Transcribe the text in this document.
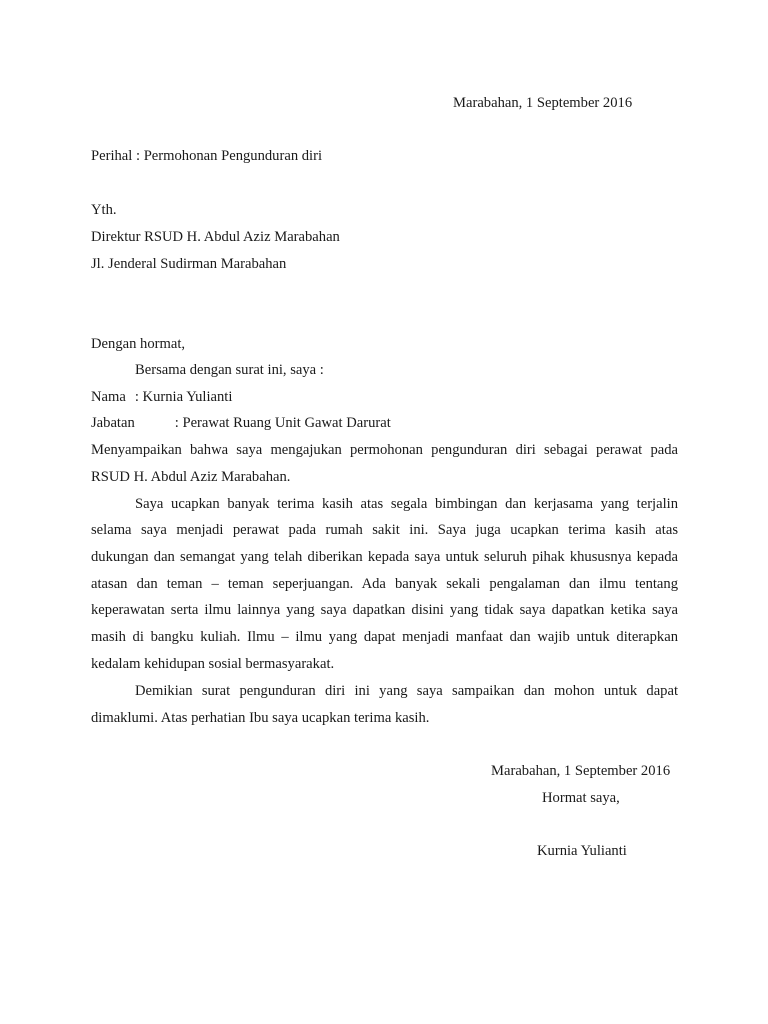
Marabahan, 1 September 2016
Perihal : Permohonan Pengunduran diri
Yth.
Direktur RSUD H. Abdul Aziz Marabahan
Jl. Jenderal Sudirman Marabahan
Dengan hormat,
Bersama dengan surat ini, saya :
Nama : Kurnia Yulianti
Jabatan	: Perawat Ruang Unit Gawat Darurat
Menyampaikan bahwa saya mengajukan permohonan pengunduran diri sebagai perawat pada
RSUD H. Abdul Aziz Marabahan.
Saya ucapkan banyak terima kasih atas segala bimbingan dan kerjasama yang terjalin
selama saya menjadi perawat pada rumah sakit ini. Saya juga ucapkan terima kasih atas
dukungan dan semangat yang telah diberikan kepada saya untuk seluruh pihak khususnya kepada
atasan dan teman – teman seperjuangan. Ada banyak sekali pengalaman dan ilmu tentang
keperawatan serta ilmu lainnya yang saya dapatkan disini yang tidak saya dapatkan ketika saya
masih di bangku kuliah. Ilmu – ilmu yang dapat menjadi manfaat dan wajib untuk diterapkan
kedalam kehidupan sosial bermasyarakat.
Demikian surat pengunduran diri ini yang saya sampaikan dan mohon untuk dapat
dimaklumi. Atas perhatian Ibu saya ucapkan terima kasih.
Marabahan, 1 September 2016
Hormat saya,
Kurnia Yulianti
